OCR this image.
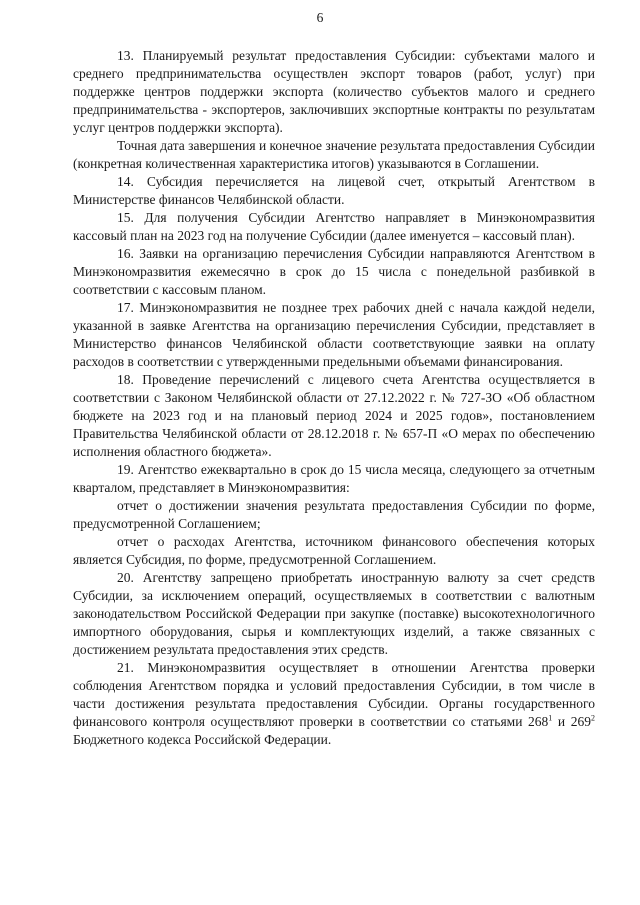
6

13. Планируемый результат предоставления Субсидии: субъектами малого и среднего предпринимательства осуществлен экспорт товаров (работ, услуг) при поддержке центров поддержки экспорта (количество субъектов малого и среднего предпринимательства - экспортеров, заключивших экспортные контракты по результатам услуг центров поддержки экспорта).

Точная дата завершения и конечное значение результата предоставления Субсидии (конкретная количественная характеристика итогов) указываются в Соглашении.

14. Субсидия перечисляется на лицевой счет, открытый Агентством в Министерстве финансов Челябинской области.

15. Для получения Субсидии Агентство направляет в Минэкономразвития кассовый план на 2023 год на получение Субсидии (далее именуется – кассовый план).

16. Заявки на организацию перечисления Субсидии направляются Агентством в Минэкономразвития ежемесячно в срок до 15 числа с понедельной разбивкой в соответствии с кассовым планом.

17. Минэкономразвития не позднее трех рабочих дней с начала каждой недели, указанной в заявке Агентства на организацию перечисления Субсидии, представляет в Министерство финансов Челябинской области соответствующие заявки на оплату расходов в соответствии с утвержденными предельными объемами финансирования.

18. Проведение перечислений с лицевого счета Агентства осуществляется в соответствии с Законом Челябинской области от 27.12.2022 г. № 727-ЗО «Об областном бюджете на 2023 год и на плановый период 2024 и 2025 годов», постановлением Правительства Челябинской области от 28.12.2018 г. № 657-П «О мерах по обеспечению исполнения областного бюджета».

19. Агентство ежеквартально в срок до 15 числа месяца, следующего за отчетным кварталом, представляет в Минэкономразвития:

отчет о достижении значения результата предоставления Субсидии по форме, предусмотренной Соглашением;

отчет о расходах Агентства, источником финансового обеспечения которых является Субсидия, по форме, предусмотренной Соглашением.

20. Агентству запрещено приобретать иностранную валюту за счет средств Субсидии, за исключением операций, осуществляемых в соответствии с валютным законодательством Российской Федерации при закупке (поставке) высокотехнологичного импортного оборудования, сырья и комплектующих изделий, а также связанных с достижением результата предоставления этих средств.

21. Минэкономразвития осуществляет в отношении Агентства проверки соблюдения Агентством порядка и условий предоставления Субсидии, в том числе в части достижения результата предоставления Субсидии. Органы государственного финансового контроля осуществляют проверки в соответствии со статьями $268^1$ и $269^2$ Бюджетного кодекса Российской Федерации.
